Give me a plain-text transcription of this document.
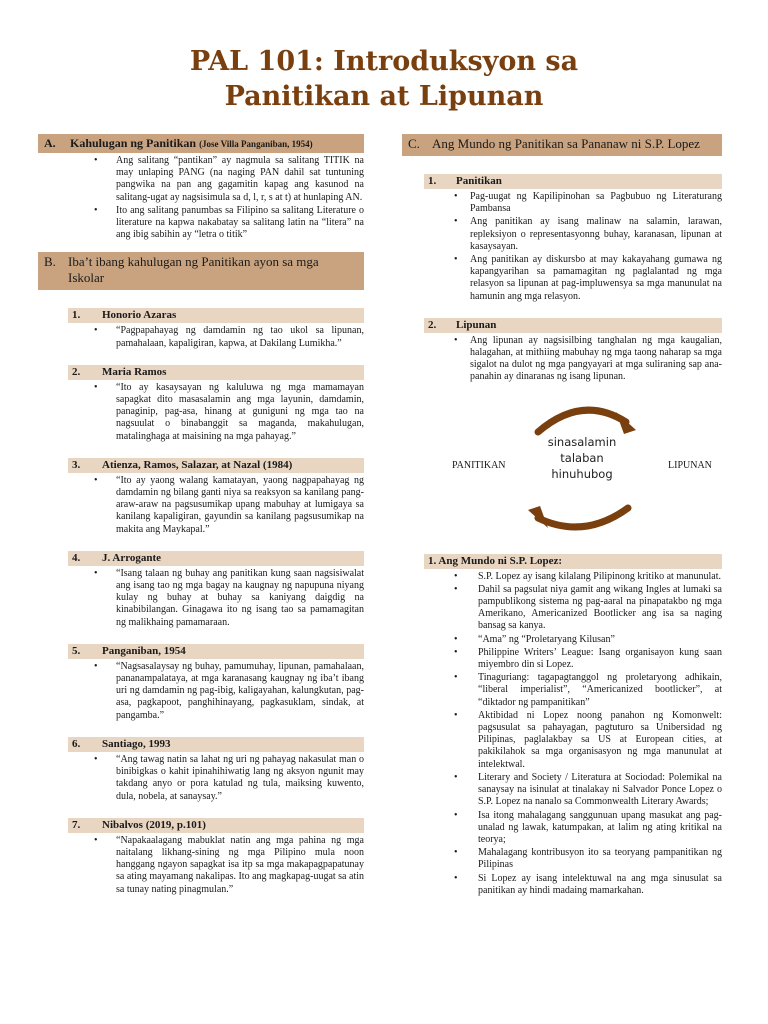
PAL 101: Introduksyon sa
Panitikan at Lipunan
A. Kahulugan ng Panitikan (Jose Villa Panganiban, 1954)
• Ang salitang “pantikan” ay nagmula sa salitang TITIK na may unlaping PANG (na naging PAN dahil sat tuntuning pangwika na pan ang gagamitin kapag ang kasunod na salitang-ugat ay nagsisimula sa d, l, r, s at t) at hunlaping AN.
• Ito ang salitang panumbas sa Filipino sa salitang Literature o literature na kapwa nakabatay sa salitang latin na “litera” na ang ibig sabihin ay “letra o titik”
B. Iba’t ibang kahulugan ng Panitikan ayon sa mga Iskolar
1.	Honorio Azaras
• “Pagpapahayag ng damdamin ng tao ukol sa lipunan, pamahalaan, kapaligiran, kapwa, at Dakilang Lumikha.”
2.	Maria Ramos
• “Ito ay kasaysayan ng kaluluwa ng mga mamamayan sapagkat dito masasalamin ang mga layunin, damdamin, panaginip, pag-asa, hinang at guniguni ng mga tao na nagsuulat o binabanggit sa maganda, makahulugan, matalinghaga at maisining na mga pahayag.”
3.	Atienza, Ramos, Salazar, at Nazal (1984)
• “Ito ay yaong walang kamatayan, yaong nagpapahayag ng damdamin ng bilang ganti niya sa reaksyon sa kanilang pang-araw-araw na pagsusumikap upang mabuhay at lumigaya sa kanilang kapaligiran, gayundin sa kanilang pagsusumikap na makita ang Maykapal.”
4.	J. Arrogante
• “Isang talaan ng buhay ang panitikan kung saan nagsisiwalat ang isang tao ng mga bagay na kaugnay ng napupuna niyang kulay ng buhay at buhay sa kaniyang daigdig na kinabibilangan. Ginagawa ito ng isang tao sa pamamagitan ng malikhaing pamamaraan.
5.	Panganiban, 1954
• “Nagsasalaysay ng buhay, pamumuhay, lipunan, pamahalaan, pananampalataya, at mga karanasang kaugnay ng iba’t ibang uri ng damdamin ng pag-ibig, kaligayahan, kalungkutan, pag-asa, pagkapoot, panghihinayang, pagkasuklam, sindak, at pangamba.”
6.	Santiago, 1993
• “Ang tawag natin sa lahat ng uri ng pahayag nakasulat man o binibigkas o kahit ipinahihiwatig lang ng aksyon ngunit may takdang anyo or pora katulad ng tula, maiksing kuwento, dula, nobela, at sanaysay.”
7.	Nibalvos (2019, p.101)
• “Napakaalagang mabuklat natin ang mga pahina ng mga naitalang likhang-sining ng mga Pilipino mula noon hanggang ngayon sapagkat isa itp sa mga makapagpapatunay sa ating mayamang nakalipas. Ito ang magkapag-uugat sa atin sa tunay nating pinagmulan.”
C. Ang Mundo ng Panitikan sa Pananaw ni S.P. Lopez
1.	Panitikan
• Pag-uugat ng Kapilipinohan sa Pagbubuo ng Literaturang Pambansa
• Ang panitikan ay isang malinaw na salamin, larawan, repleksiyon o representasyonng buhay, karanasan, lipunan at kasaysayan.
• Ang panitikan ay diskursbo at may kakayahang gumawa ng kapangyarihan sa pamamagitan ng paglalantad ng mga relasyon sa lipunan at pag-impluwensya sa mga manunulat na hamunin ang mga relasyon.
2.	Lipunan
• Ang lipunan ay nagsisilbing tanghalan ng mga kaugalian, halagahan, at mithiing mabuhay ng mga taong naharap sa mga sigalot na dulot ng mga pangyayari at mga suliraning sap ana-panahin ay dinaranas ng isang lipunan.
PANITIKAN	LIPUNAN
sinasalamin
talaban
hinuhubog
1. Ang Mundo ni S.P. Lopez:
• S.P. Lopez ay isang kilalang Pilipinong kritiko at manunulat.
• Dahil sa pagsulat niya gamit ang wikang Ingles at lumaki sa pampublikong sistema ng pag-aaral na pinapatakbo ng mga Amerikano, Americanized Bootlicker ang isa sa naging bansag sa kanya.
• “Ama” ng “Proletaryang Kilusan”
• Philippine Writers’ League: Isang organisayon kung saan miyembro din si Lopez.
• Tinaguriang: tagapagtanggol ng proletaryong adhikain, “liberal imperialist”, “Americanized bootlicker”, at “diktador ng pampanitikan”
• Aktibidad ni Lopez noong panahon ng Komonwelt: pagsusulat sa pahayagan, pagtuturo sa Unibersidad ng Pilipinas, paglalakbay sa US at European cities, at pakikilahok sa mga organisasyon ng mga manunulat at intelektwal.
• Literary and Society / Literatura at Sociodad: Polemikal na sanaysay na isinulat at tinalakay ni Salvador Ponce Lopez o S.P. Lopez na nanalo sa Commonwealth Literary Awards;
• Isa itong mahalagang sanggunuan upang masukat ang pag-unalad ng lawak, katumpakan, at lalim ng ating kritikal na teorya;
• Mahalagang kontribusyon ito sa teoryang pampanitikan ng Pilipinas
• Si Lopez ay isang intelektuwal na ang mga sinusulat sa panitikan ay hindi madaing mamarkahan.
